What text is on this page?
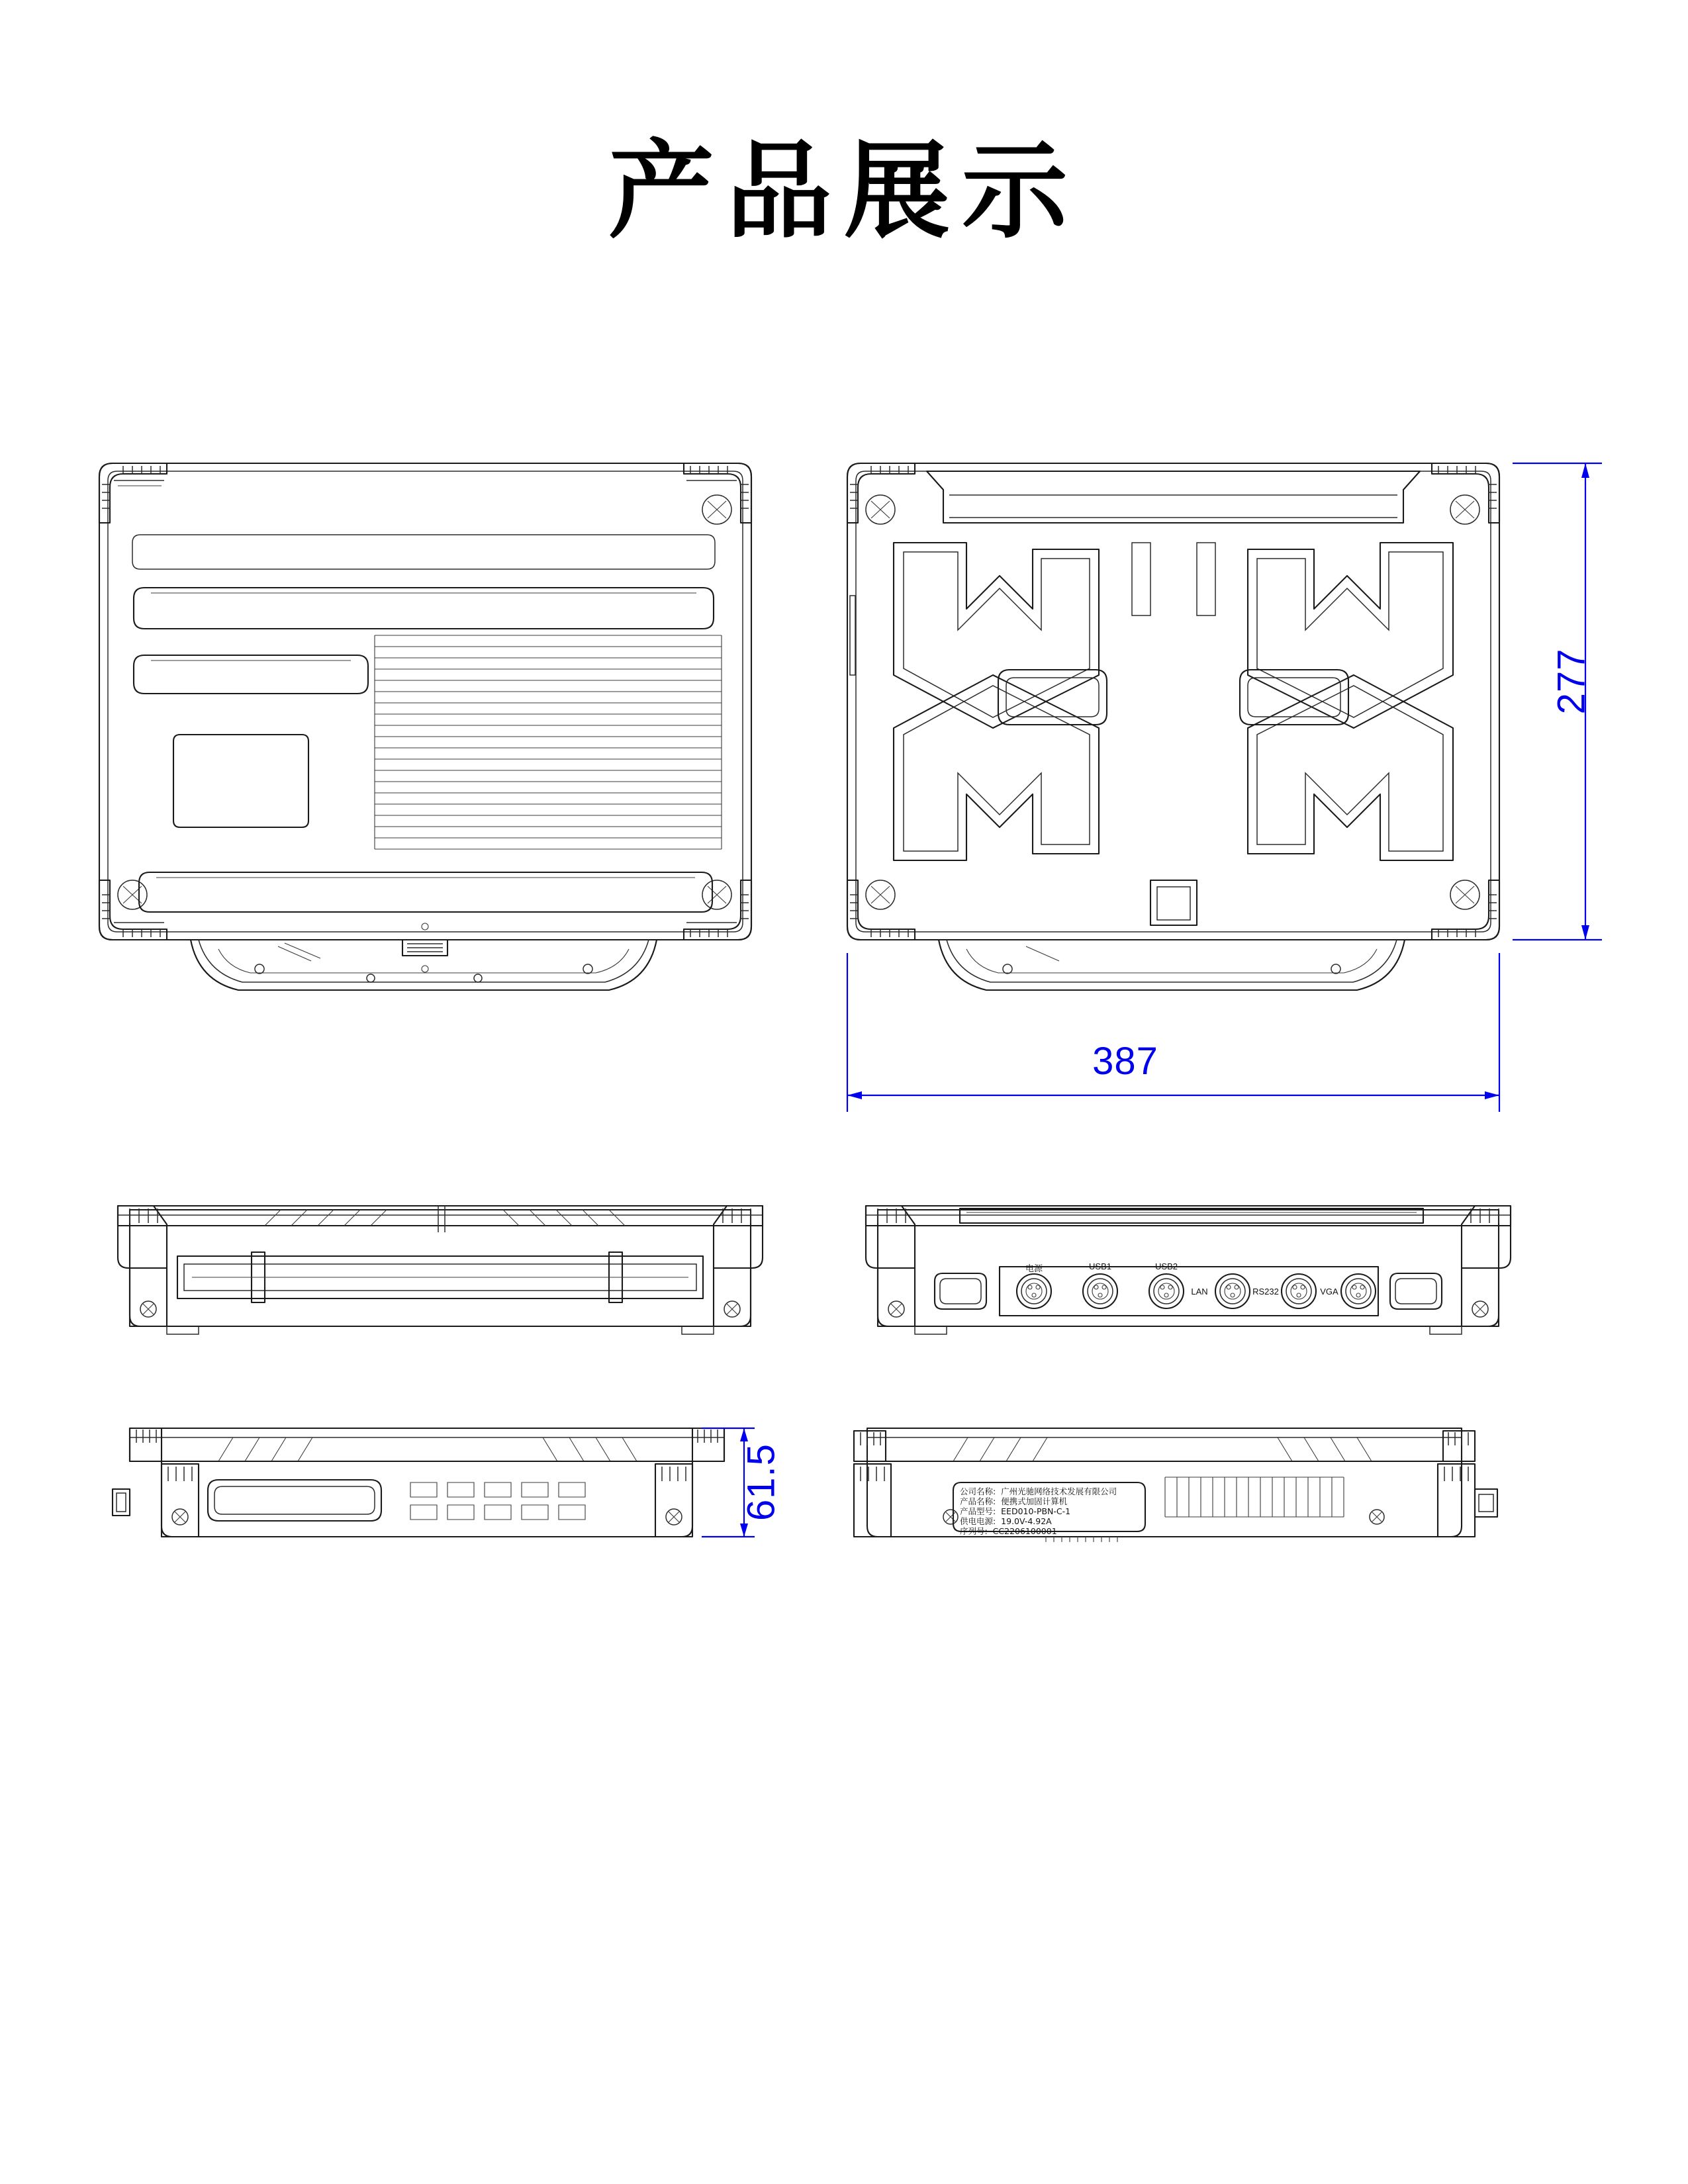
产品展示
277
387
61.5
电源	USB1	USB2
LAN	RS232	VGA
公司名称:  广州光驰网络技术发展有限公司
产品名称:  便携式加固计算机
产品型号:  EED010-PBN-C-1
供电电源:  19.0V-4.92A
序列号:  CC2206100001
